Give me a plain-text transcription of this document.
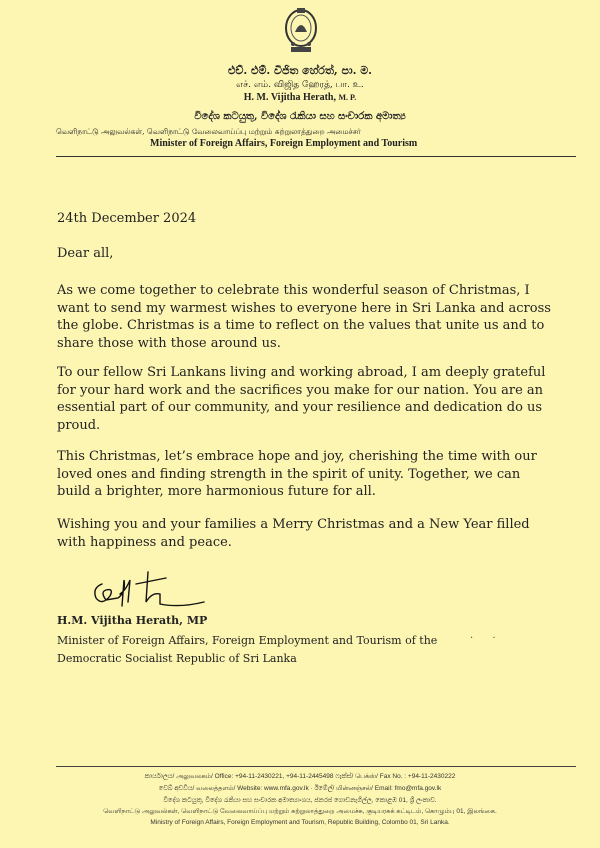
එච්. එම්. විජිත හේරත්, පා. ම.
எச். எம். விஜித ஹேரத், பா. உ.
H. M. Vijitha Herath, M. P.
විදේශ කටයුතු, විදේශ රැකියා සහ සංචාරක අමාත්‍ය
வெளிநாட்டு அலுவல்கள், வெளிநாட்டு வேலைவாய்ப்பு மற்றும் சுற்றுலாத்துறை அமைச்சர்
Minister of Foreign Affairs, Foreign Employment and Tourism
24th December 2024
Dear all,

As we come together to celebrate this wonderful season of Christmas, I want to send my warmest wishes to everyone here in Sri Lanka and across the globe. Christmas is a time to reflect on the values that unite us and to share those with those around us.

To our fellow Sri Lankans living and working abroad, I am deeply grateful for your hard work and the sacrifices you make for our nation. You are an essential part of our community, and your resilience and dedication do us proud.

This Christmas, let’s embrace hope and joy, cherishing the time with our loved ones and finding strength in the spirit of unity. Together, we can build a brighter, more harmonious future for all.

Wishing you and your families a Merry Christmas and a New Year filled with happiness and peace.

H.M. Vijitha Herath, MP
Minister of Foreign Affairs, Foreign Employment and Tourism of the
Democratic Socialist Republic of Sri Lanka
· ·
කාර්යාලය/ அலுவலகம்/ Office: +94-11-2430221, +94-11-2445498 ෆැක්ස්/ பெக்ஸ்/ Fax No. : +94-11-2430222
වෙබ් අඩවිය/ வலைத்தளம்/ Website: www.mfa.gov.lk · ඊමේල්/ மின்னஞ்சல்/ Email: fmo@mfa.gov.lk
විදේශ කටයුතු, විදේශ රැකියා සහ සංචාරක අමාත්‍යාංශය, ජනරජ ගොඩනැගිල්ල, කොළඹ 01, ශ්‍රී ලංකාව.
வெளிநாட்டு அலுவல்கள், வெளிநாட்டு வேலைவாய்ப்பு மற்றும் சுற்றுலாத்துறை அமைச்சு, குடியரசுக் கட்டிடம், கொழும்பு 01, இலங்கை.
Ministry of Foreign Affairs, Foreign Employment and Tourism, Republic Building, Colombo 01, Sri Lanka.
